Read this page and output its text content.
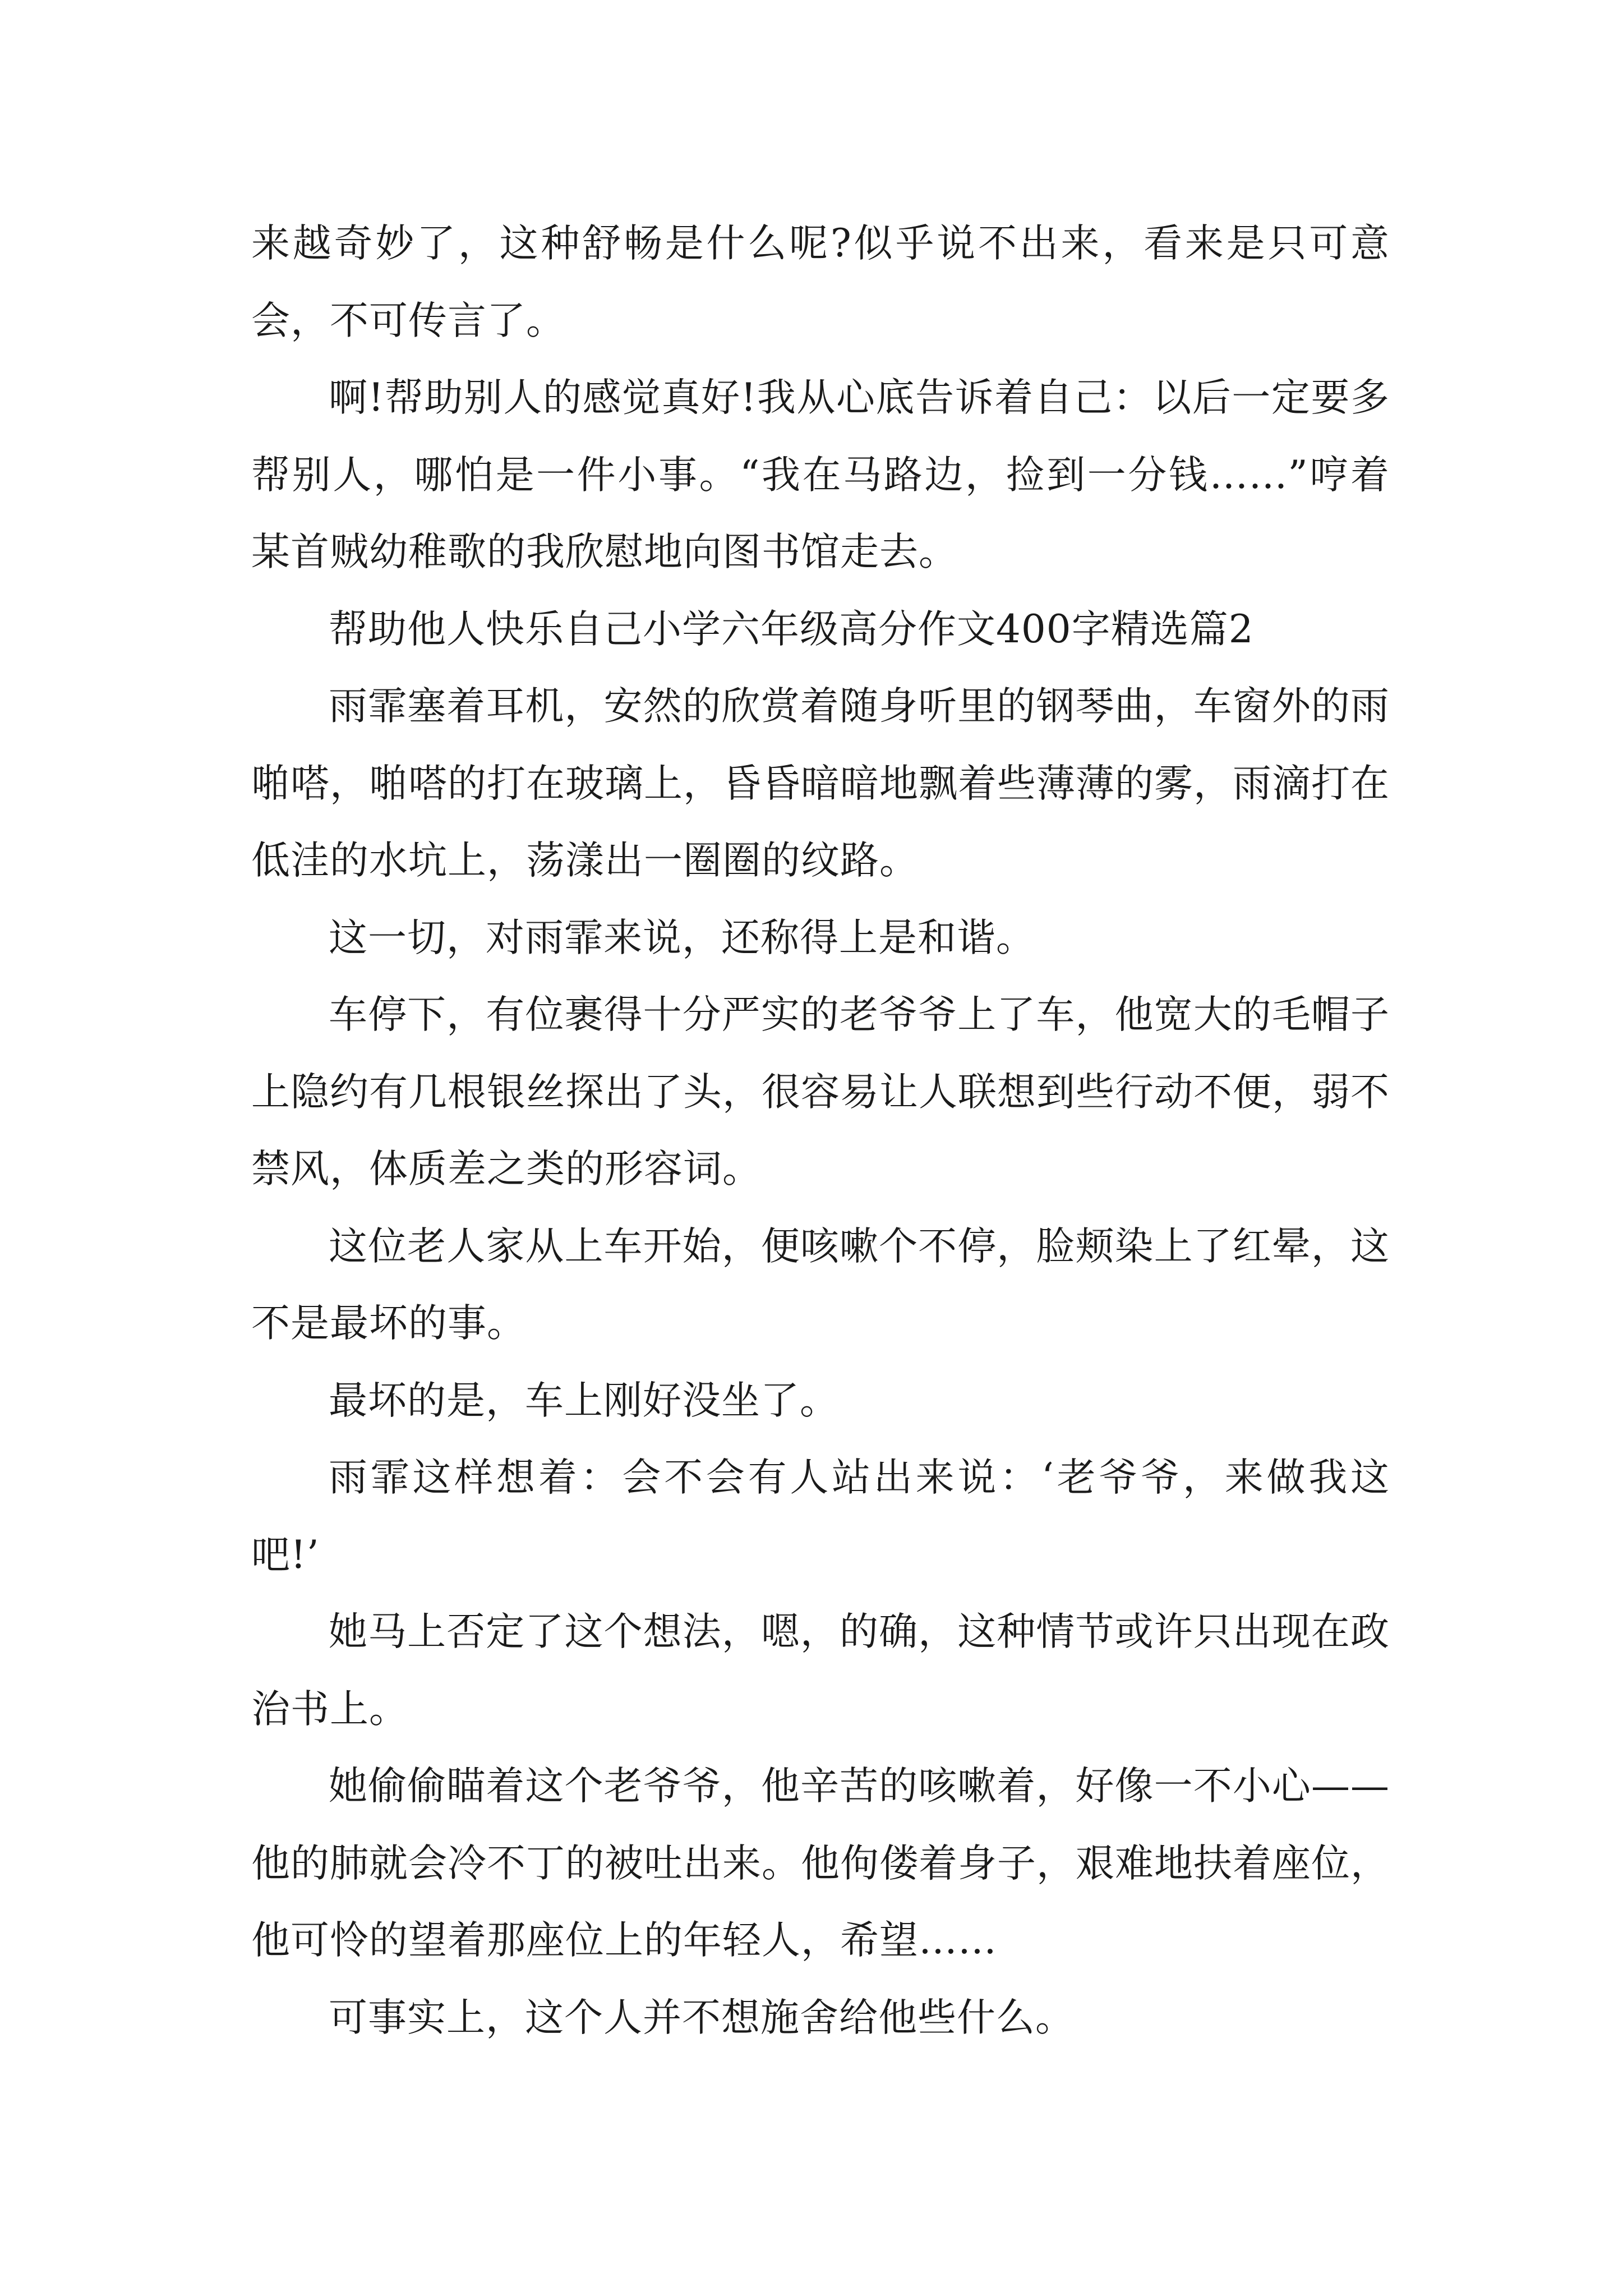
来越奇妙了，这种舒畅是什么呢?似乎说不出来，看来是只可意会，不可传言了。

啊!帮助别人的感觉真好!我从心底告诉着自己：以后一定要多帮别人，哪怕是一件小事。“我在马路边，捡到一分钱……”哼着某首贼幼稚歌的我欣慰地向图书馆走去。

帮助他人快乐自己小学六年级高分作文400字精选篇2

雨霏塞着耳机，安然的欣赏着随身听里的钢琴曲，车窗外的雨啪嗒，啪嗒的打在玻璃上，昏昏暗暗地飘着些薄薄的雾，雨滴打在低洼的水坑上，荡漾出一圈圈的纹路。

这一切，对雨霏来说，还称得上是和谐。

车停下，有位裹得十分严实的老爷爷上了车，他宽大的毛帽子上隐约有几根银丝探出了头，很容易让人联想到些行动不便，弱不禁风，体质差之类的形容词。

这位老人家从上车开始，便咳嗽个不停，脸颊染上了红晕，这不是最坏的事。

最坏的是，车上刚好没坐了。

雨霏这样想着：会不会有人站出来说：‘老爷爷，来做我这吧!’

她马上否定了这个想法，嗯，的确，这种情节或许只出现在政治书上。

她偷偷瞄着这个老爷爷，他辛苦的咳嗽着，好像一不小心——他的肺就会冷不丁的被吐出来。他佝偻着身子，艰难地扶着座位，他可怜的望着那座位上的年轻人，希望……

可事实上，这个人并不想施舍给他些什么。
